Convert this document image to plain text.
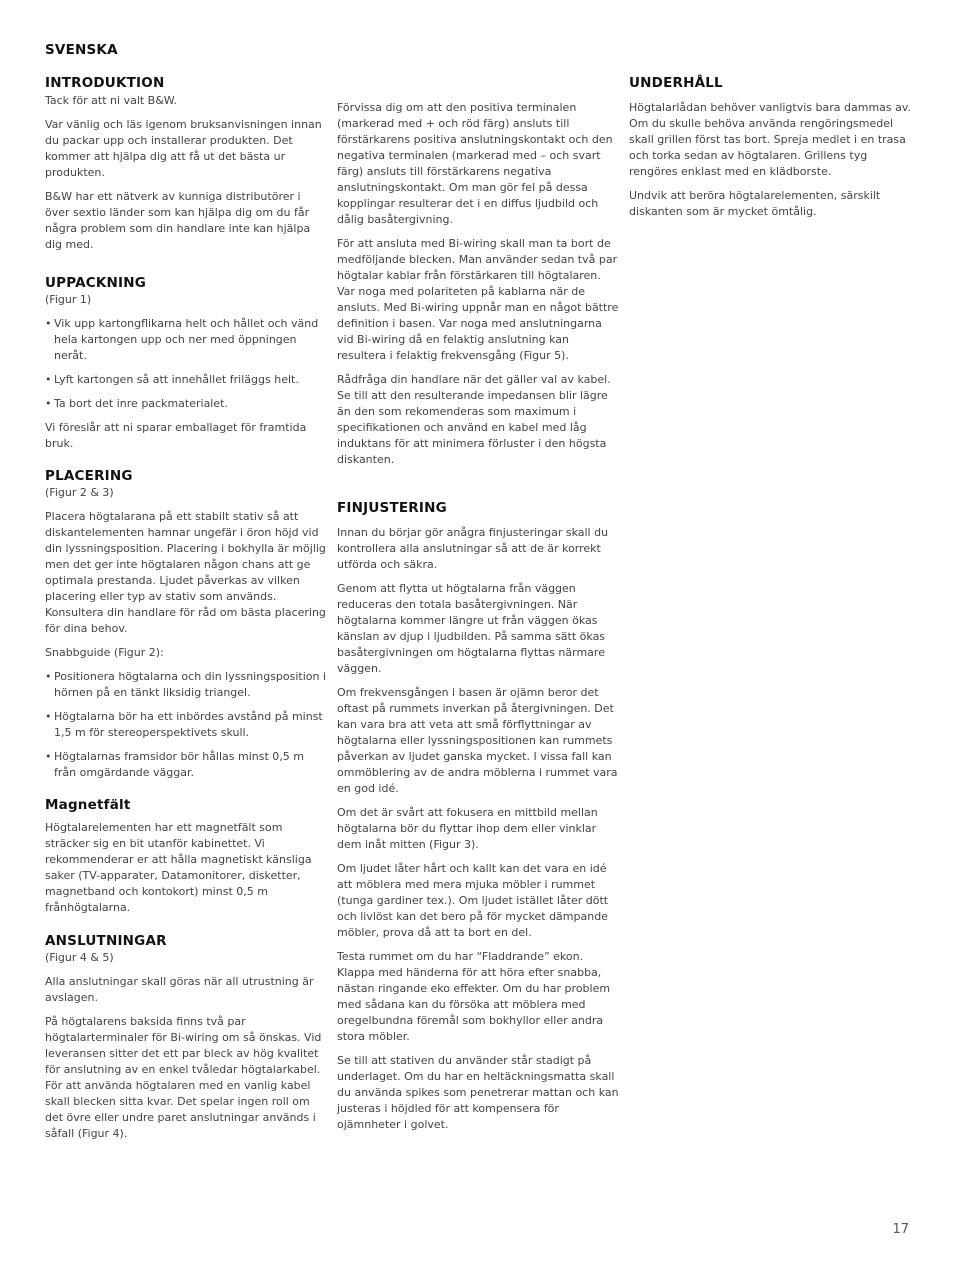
SVENSKA
INTRODUKTION

Tack för att ni valt B&W.

Var vänlig och läs igenom bruksanvisningen innan du packar upp och installerar produkten. Det kommer att hjälpa dig att få ut det bästa ur produkten.

B&W har ett nätverk av kunniga distributörer i över sextio länder som kan hjälpa dig om du får några problem som din handlare inte kan hjälpa dig med.

UPPACKNING
(Figur 1)
• Vik upp kartongflikarna helt och hållet och vänd hela kartongen upp och ner med öppningen neråt.
• Lyft kartongen så att innehållet friläggs helt.
• Ta bort det inre packmaterialet.

Vi föreslår att ni sparar emballaget för framtida bruk.

PLACERING
(Figur 2 & 3)

Placera högtalarana på ett stabilt stativ så att diskantelementen hamnar ungefär i öron höjd vid din lyssningsposition. Placering i bokhylla är möjlig men det ger inte högtalaren någon chans att ge optimala prestanda. Ljudet påverkas av vilken placering eller typ av stativ som används. Konsultera din handlare för råd om bästa placering för dina behov.

Snabbguide (Figur 2):

• Positionera högtalarna och din lyssningsposition i hörnen på en tänkt liksidig triangel.
• Högtalarna bör ha ett inbördes avstånd på minst 1,5 m för stereoperspektivets skull.
• Högtalarnas framsidor bör hållas minst 0,5 m från omgärdande väggar.
Magnetfält

Högtalarelementen har ett magnetfält som sträcker sig en bit utanför kabinettet. Vi rekommenderar er att hålla magnetiskt känsliga saker (TV-apparater, Datamonitorer, disketter, magnetband och kontokort) minst 0,5 m frånhögtalarna.

ANSLUTNINGAR
(Figur 4 & 5)

Alla anslutningar skall göras när all utrustning är avslagen.

På högtalarens baksida finns två par högtalarterminaler för Bi-wiring om så önskas. Vid leveransen sitter det ett par bleck av hög kvalitet för anslutning av en enkel tvåledar högtalarkabel. För att använda högtalaren med en vanlig kabel skall blecken sitta kvar. Det spelar ingen roll om det övre eller undre paret anslutningar används i såfall (Figur 4).

Förvissa dig om att den positiva terminalen (markerad med + och röd färg) ansluts till förstärkarens positiva anslutningskontakt och den negativa terminalen (markerad med – och svart färg) ansluts till förstärkarens negativa anslutningskontakt. Om man gör fel på dessa kopplingar resulterar det i en diffus ljudbild och dålig basåtergivning.

För att ansluta med Bi-wiring skall man ta bort de medföljande blecken. Man använder sedan två par högtalar kablar från förstärkaren till högtalaren. Var noga med polariteten på kablarna när de ansluts. Med Bi-wiring uppnår man en något bättre definition i basen. Var noga med anslutningarna vid Bi-wiring då en felaktig anslutning kan resultera i felaktig frekvensgång (Figur 5).

Rådfråga din handlare när det gäller val av kabel. Se till att den resulterande impedansen blir lägre än den som rekomenderas som maximum i specifikationen och använd en kabel med låg induktans för att minimera förluster i den högsta diskanten.

FINJUSTERING

Innan du börjar gör anågra finjusteringar skall du kontrollera alla anslutningar så att de är korrekt utförda och säkra.

Genom att flytta ut högtalarna från väggen reduceras den totala basåtergivningen. När högtalarna kommer längre ut från väggen ökas känslan av djup i ljudbilden. På samma sätt ökas basåtergivningen om högtalarna flyttas närmare väggen.

Om frekvensgången i basen är ojämn beror det oftast på rummets inverkan på återgivningen. Det kan vara bra att veta att små förflyttningar av högtalarna eller lyssningspositionen kan rummets påverkan av ljudet ganska mycket. I vissa fall kan ommöblering av de andra möblerna i rummet vara en god idé.

Om det är svårt att fokusera en mittbild mellan högtalarna bör du flyttar ihop dem eller vinklar dem inåt mitten (Figur 3).

Om ljudet låter hårt och kallt kan det vara en idé att möblera med mera mjuka möbler i rummet (tunga gardiner tex.). Om ljudet istället låter dött och livlöst kan det bero på för mycket dämpande möbler, prova då att ta bort en del.

Testa rummet om du har “Fladdrande” ekon. Klappa med händerna för att höra efter snabba, nästan ringande eko effekter. Om du har problem med sådana kan du försöka att möblera med oregelbundna föremål som bokhyllor eller andra stora möbler.

Se till att stativen du använder står stadigt på underlaget. Om du har en heltäckningsmatta skall du använda spikes som penetrerar mattan och kan justeras i höjdled för att kompensera för ojämnheter i golvet.

UNDERHÅLL

Högtalarlådan behöver vanligtvis bara dammas av. Om du skulle behöva använda rengöringsmedel skall grillen först tas bort. Spreja medlet i en trasa och torka sedan av högtalaren. Grillens tyg rengöres enklast med en klädborste.

Undvik att beröra högtalarelementen, särskilt diskanten som är mycket ömtålig.

17
